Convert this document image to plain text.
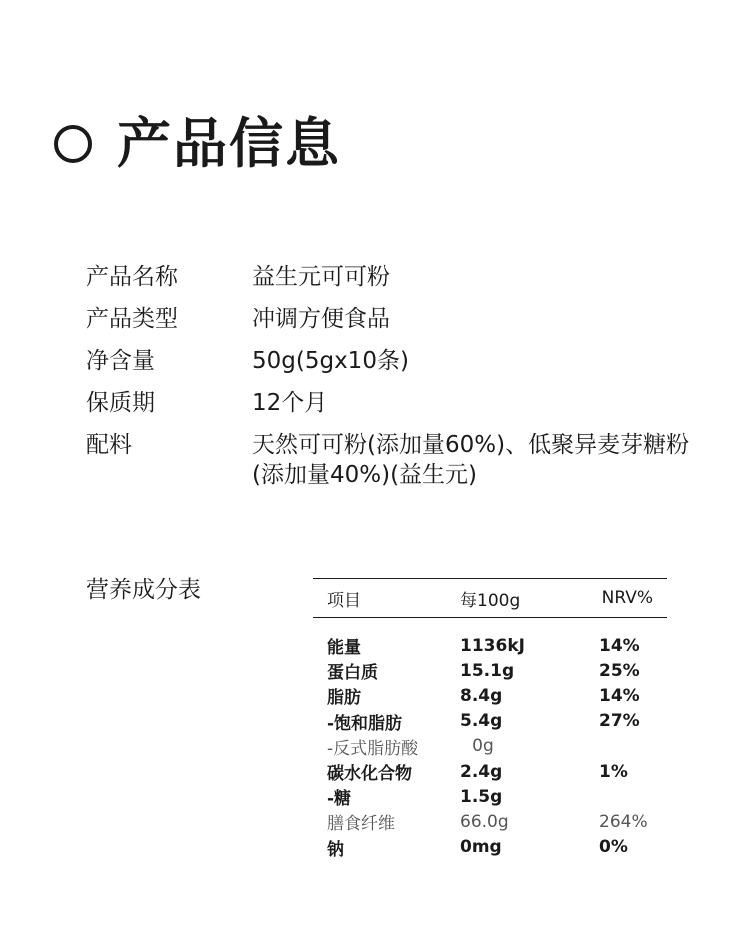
产品信息
产品名称	益生元可可粉
产品类型	冲调方便食品
净含量	50g(5gx10条)
保质期	12个月
配料	天然可可粉(添加量60%)、低聚异麦芽糖粉(添加量40%)(益生元)
营养成分表	项目	每100g	NRV%
能量	1136kJ	14%
蛋白质	15.1g	25%
脂肪	8.4g	14%
-饱和脂肪	5.4g	27%
-反式脂肪酸	0g
碳水化合物	2.4g	1%
-糖	1.5g
膳食纤维	66.0g	264%
钠	0mg	0%
